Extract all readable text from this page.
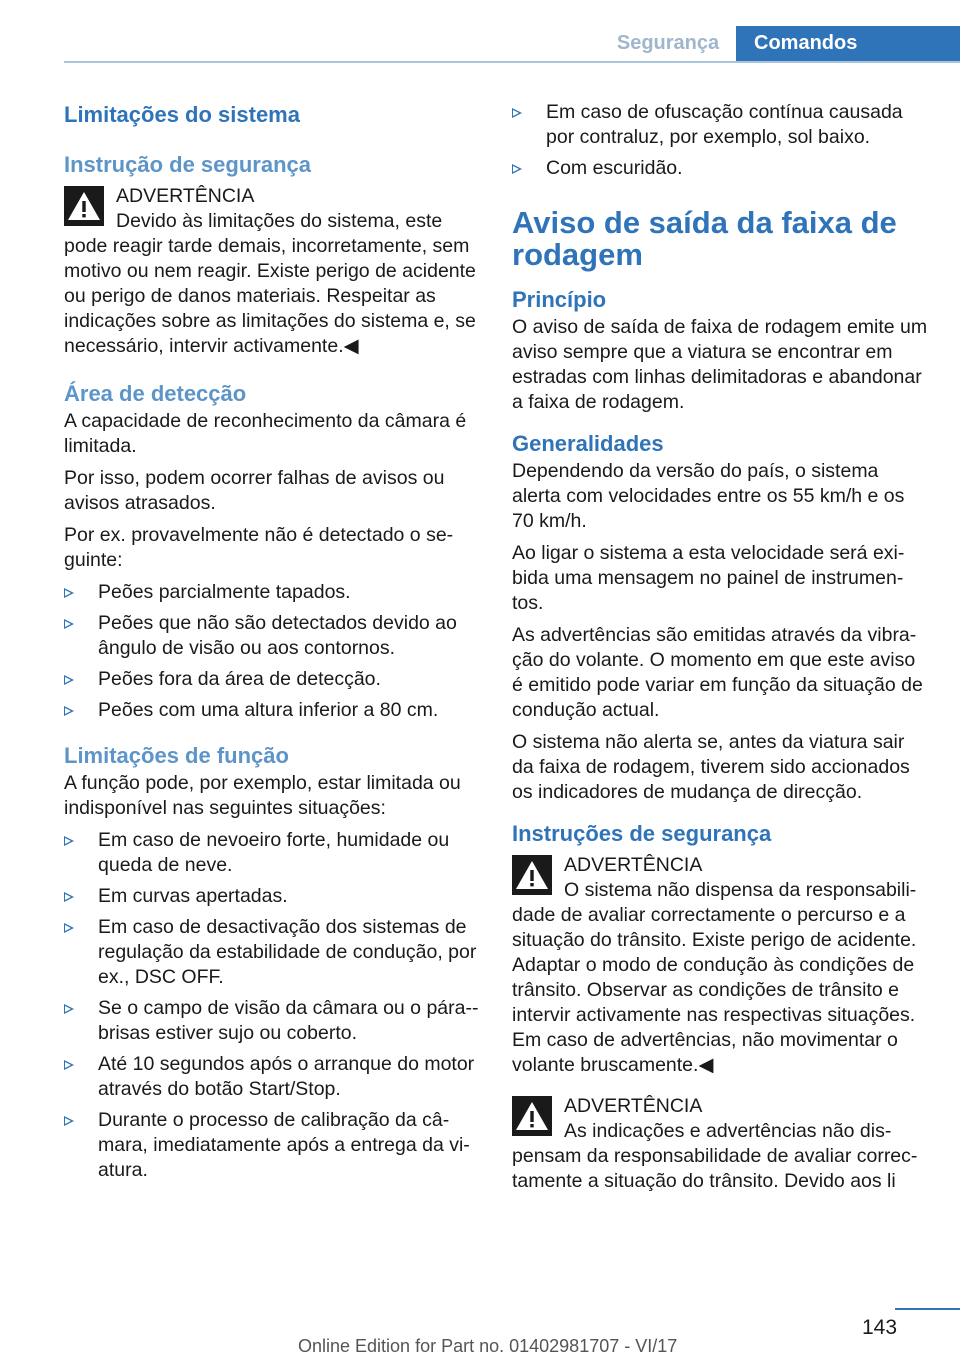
Segurança	Comandos
Limitações do sistema
Instrução de segurança
ADVERTÊNCIA
Devido às limitações do sistema, este pode reagir tarde demais, incorretamente, sem motivo ou nem reagir. Existe perigo de acidente ou perigo de danos materiais. Respeitar as indicações sobre as limitações do sistema e, se necessário, intervir activamente.◀
Área de detecção

A capacidade de reconhecimento da câmara é limitada.

Por isso, podem ocorrer falhas de avisos ou avisos atrasados.

Por ex. provavelmente não é detectado o seguinte:

Peões parcialmente tapados.
Peões que não são detectados devido ao ângulo de visão ou aos contornos.
Peões fora da área de detecção.
Peões com uma altura inferior a 80 cm.
Limitações de função

A função pode, por exemplo, estar limitada ou indisponível nas seguintes situações:

Em caso de nevoeiro forte, humidade ou queda de neve.
Em curvas apertadas.
Em caso de desactivação dos sistemas de regulação da estabilidade de condução, por ex., DSC OFF.
Se o campo de visão da câmara ou o pára-brisas estiver sujo ou coberto.
Até 10 segundos após o arranque do motor através do botão Start/Stop.
Durante o processo de calibração da câmara, imediatamente após a entrega da viatura.
Em caso de ofuscação contínua causada por contraluz, por exemplo, sol baixo.
Com escuridão.
Aviso de saída da faixa de rodagem
Princípio

O aviso de saída de faixa de rodagem emite um aviso sempre que a viatura se encontrar em estradas com linhas delimitadoras e abandonar a faixa de rodagem.

Generalidades

Dependendo da versão do país, o sistema alerta com velocidades entre os 55 km/h e os 70 km/h.

Ao ligar o sistema a esta velocidade será exibida uma mensagem no painel de instrumentos.

As advertências são emitidas através da vibração do volante. O momento em que este aviso é emitido pode variar em função da situação de condução actual.

O sistema não alerta se, antes da viatura sair da faixa de rodagem, tiverem sido accionados os indicadores de mudança de direcção.

Instruções de segurança
ADVERTÊNCIA
O sistema não dispensa da responsabilidade de avaliar correctamente o percurso e a situação do trânsito. Existe perigo de acidente. Adaptar o modo de condução às condições de trânsito. Observar as condições de trânsito e intervir activamente nas respectivas situações. Em caso de advertências, não movimentar o volante bruscamente.◀
ADVERTÊNCIA
As indicações e advertências não dispensam da responsabilidade de avaliar correctamente a situação do trânsito. Devido aos li
143
Online Edition for Part no. 01402981707 - VI/17
